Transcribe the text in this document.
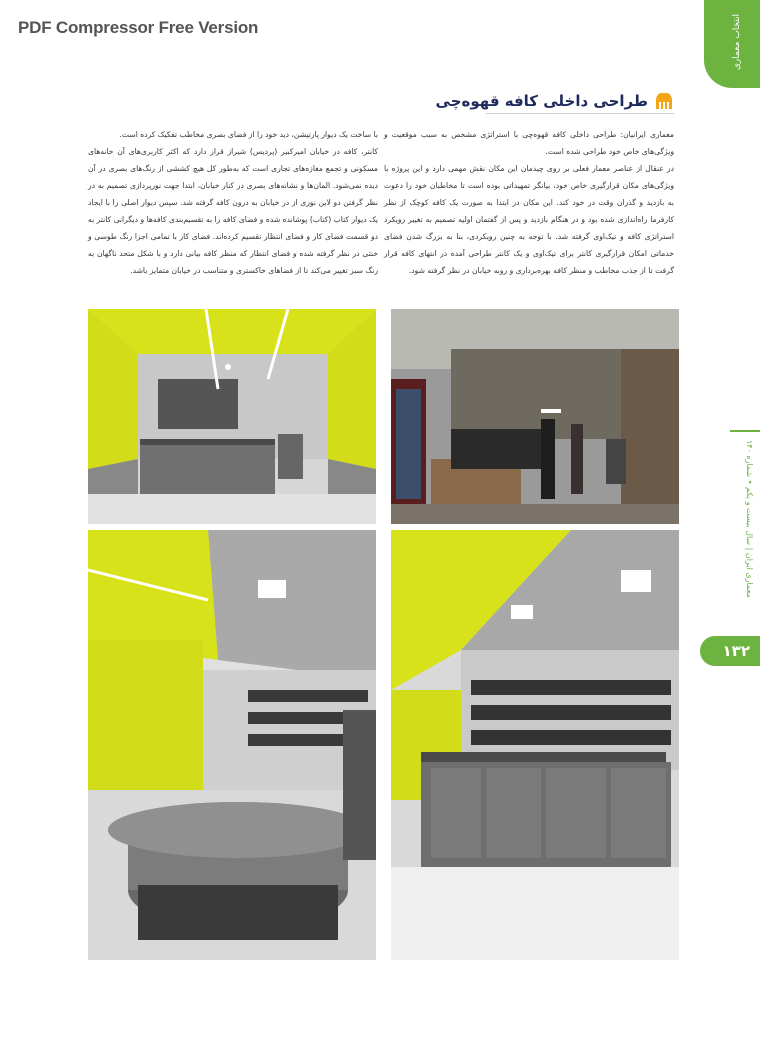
PDF Compressor Free Version	انتخاب معماری
معماری ایران | سال بیست و یکم • شماره ۱۴۰
۱۳۲
طراحی داخلی کافه قهوه‌چی

معماری ایرانیان: طراحی داخلی کافه قهوه‌چی با استراتژی مشخص به سبب موقعیت و ویژگی‌های خاص خود طراحی شده است.

در عنقال از عناصر معمار فعلی بر روی چیدمان این مکان نقش مهمی دارد و این پروژه با ویژگی‌های مکان قرارگیری خاص خود، بیانگر تمهیداتی بوده است تا مخاطبان خود را دعوت به بازدید و گذران وقت در خود کند. این مکان در ابتدا به صورت یک کافه کوچک از نظر کارفرما راه‌اندازی شده بود و در هنگام بازدید و پس از گفتمان اولیه تصمیم به تغییر رویکرد استراتژی کافه و تیک‌اوی گرفته شد. با توجه به چنین رویکردی، بنا به بزرگ شدن فضای خدماتی امکان قرارگیری کانتر برای تیک‌اوی و یک کانتر طراحی آمده در انتهای کافه قرار گرفت تا از جذب مخاطب و منظر کافه بهره‌برداری و روبه خیابان در نظر گرفته شود.

با ساخت یک دیوار پارتیشن، دید خود را از فضای بصری مخاطب تفکیک کرده است.

کانتر، کافه در خیابان امیرکبیر (پردیس) شیراز قرار دارد که اکثر کاربری‌های آن خانه‌های مسکونی و تجمع مغازه‌های تجاری است که به‌طور کل هیچ کششی از رنگ‌های بصری در آن دیده نمی‌شود. المان‌ها و نشانه‌های بصری در کنار خیابان، ابتدا جهت نورپردازی تصمیم به در نظر گرفتن دو لاین نوری از در خیابان به درون کافه گرفته شد. سپس دیوار اصلی را با ایجاد یک دیوار کتاب (کتاب) پوشانده شده و فضای کافه را به تقسیم‌بندی کافه‌ها و دیگرانی کانتر به دو قسمت فضای کار و فضای انتظار تقسیم کرده‌اند. فضای کار با تمامی اجزا رنگ طوسی و خنثی در نظر گرفته شده و فضای انتظار که منظر کافه بیانی دارد و با شکل متحد ناگهان به رنگ سبز تغییر می‌کند تا از فضاهای خاکستری و متناسب در خیابان متمایز باشد.
